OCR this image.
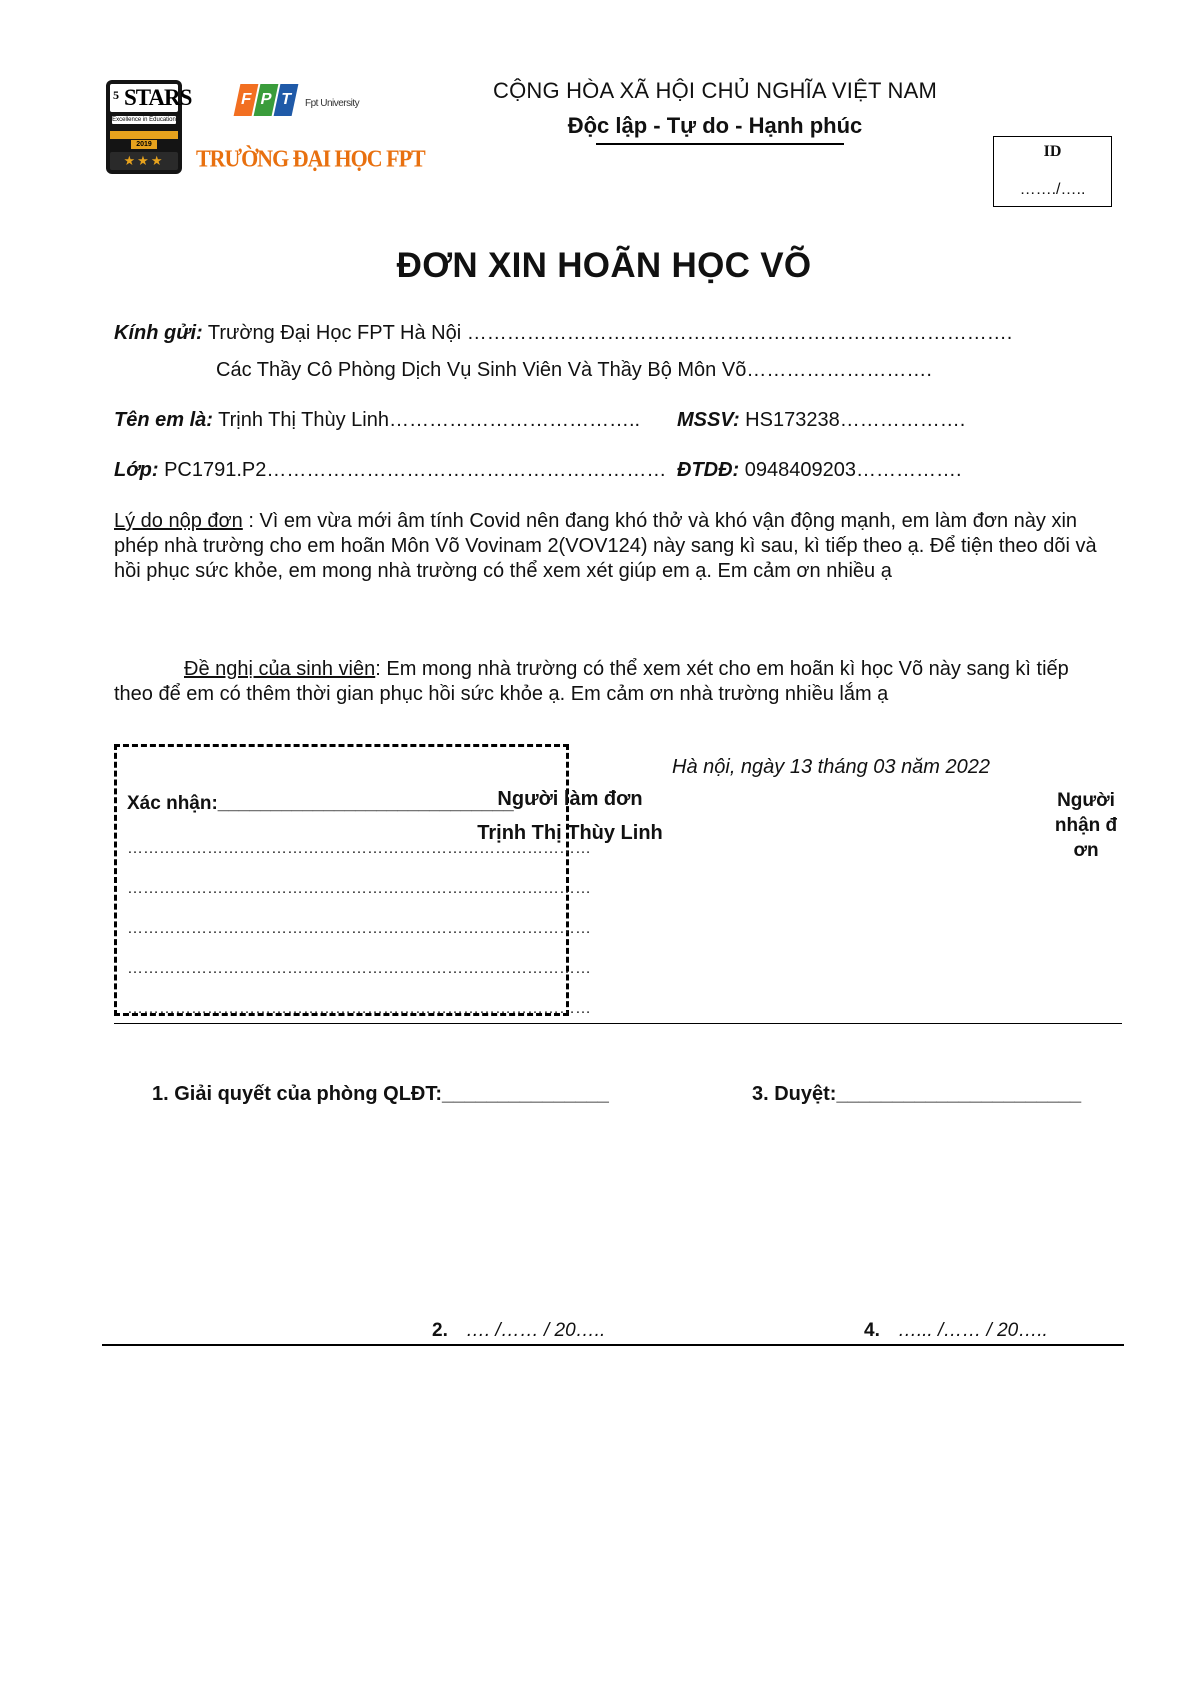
5 STARS
Excellence in Education
2019
★★★
F P T	Fpt University
TRƯỜNG ĐẠI HỌC FPT
CỘNG HÒA XÃ HỘI CHỦ NGHĨA VIỆT NAM
Độc lập - Tự do - Hạnh phúc
ID
……./…..
ĐƠN XIN HOÃN HỌC VÕ
Kính gửi: Trường Đại Học FPT Hà Nội ……………………………………………………………………….
Các Thầy Cô Phòng Dịch Vụ Sinh Viên Và Thầy Bộ Môn Võ……………………….
Tên em là: Trịnh Thị Thùy Linh……………………………….. MSSV: HS173238……………….
Lớp: PC1791.P2…………………………………………………… ĐTDĐ: 0948409203…………….
Lý do nộp đơn : Vì em vừa mới âm tính Covid nên đang khó thở và khó vận động mạnh, em làm đơn này xin phép nhà trường cho em hoãn Môn Võ Vovinam 2(VOV124) này sang kì sau, kì tiếp theo ạ. Để tiện theo dõi và hồi phục sức khỏe, em mong nhà trường có thể xem xét giúp em ạ. Em cảm ơn nhiều ạ
Đề nghị của sinh viên: Em mong nhà trường có thể xem xét cho em hoãn kì học Võ này sang kì tiếp theo để em có thêm thời gian phục hồi sức khỏe ạ. Em cảm ơn nhà trường nhiều lắm ạ
Xác nhận:____________________________
……………………………………………………………………………
……………………………………………………………………………
……………………………………………………………………………
……………………………………………………………………………
……………………………………………………………………………
Hà nội, ngày 13 tháng 03 năm 2022
Người làm đơn
Trịnh Thị Thùy Linh
Người nhận đơn
1. Giải quyết của phòng QLĐT:_______________	3. Duyệt:______________________
2. …. /…… / 20…..	4. …... /…… / 20…..
